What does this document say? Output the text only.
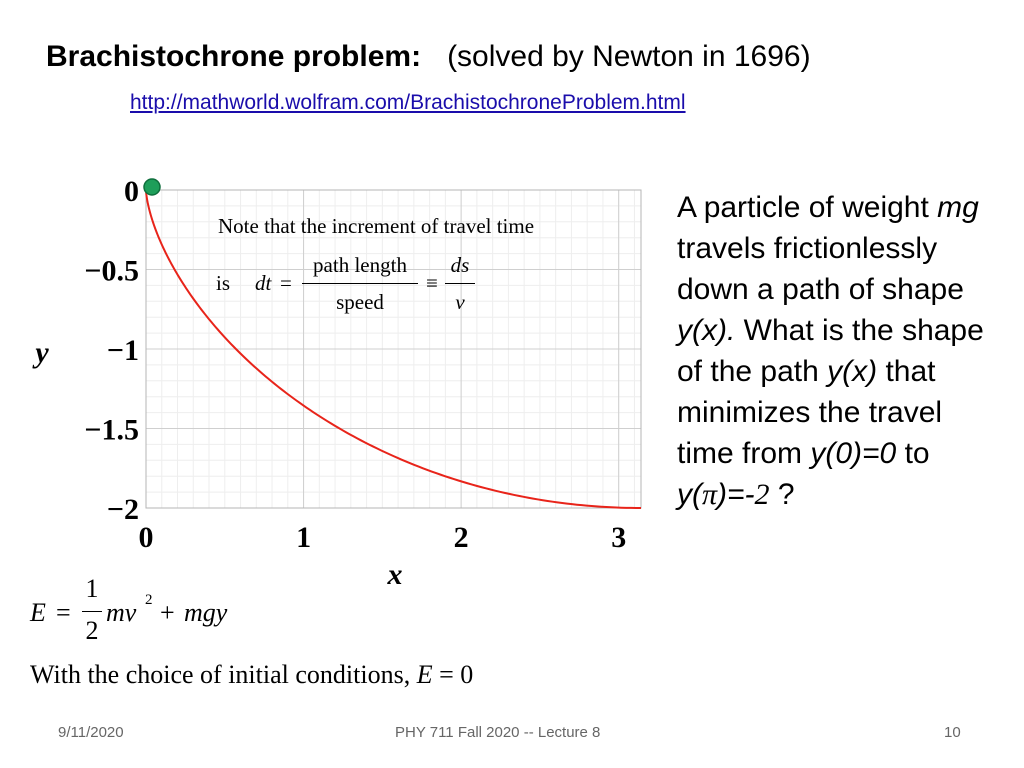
Brachistochrone problem: (solved by Newton in 1696)
http://mathworld.wolfram.com/BrachistochroneProblem.html
0	1	2	3
0
−0.5
−1
−1.5
−2
x
y
Note that the increment of travel time
is dt =
path length
speed
≡
ds
v
A particle of weight mg travels frictionlessly down a path of shape y(x). What is the shape of the path y(x) that minimizes the travel time from y(0)=0 to y(π)=-2 ?
E =
1
2
mv 2 + mgy
With the choice of initial conditions, E = 0
9/11/2020	PHY 711 Fall 2020 -- Lecture 8	10
